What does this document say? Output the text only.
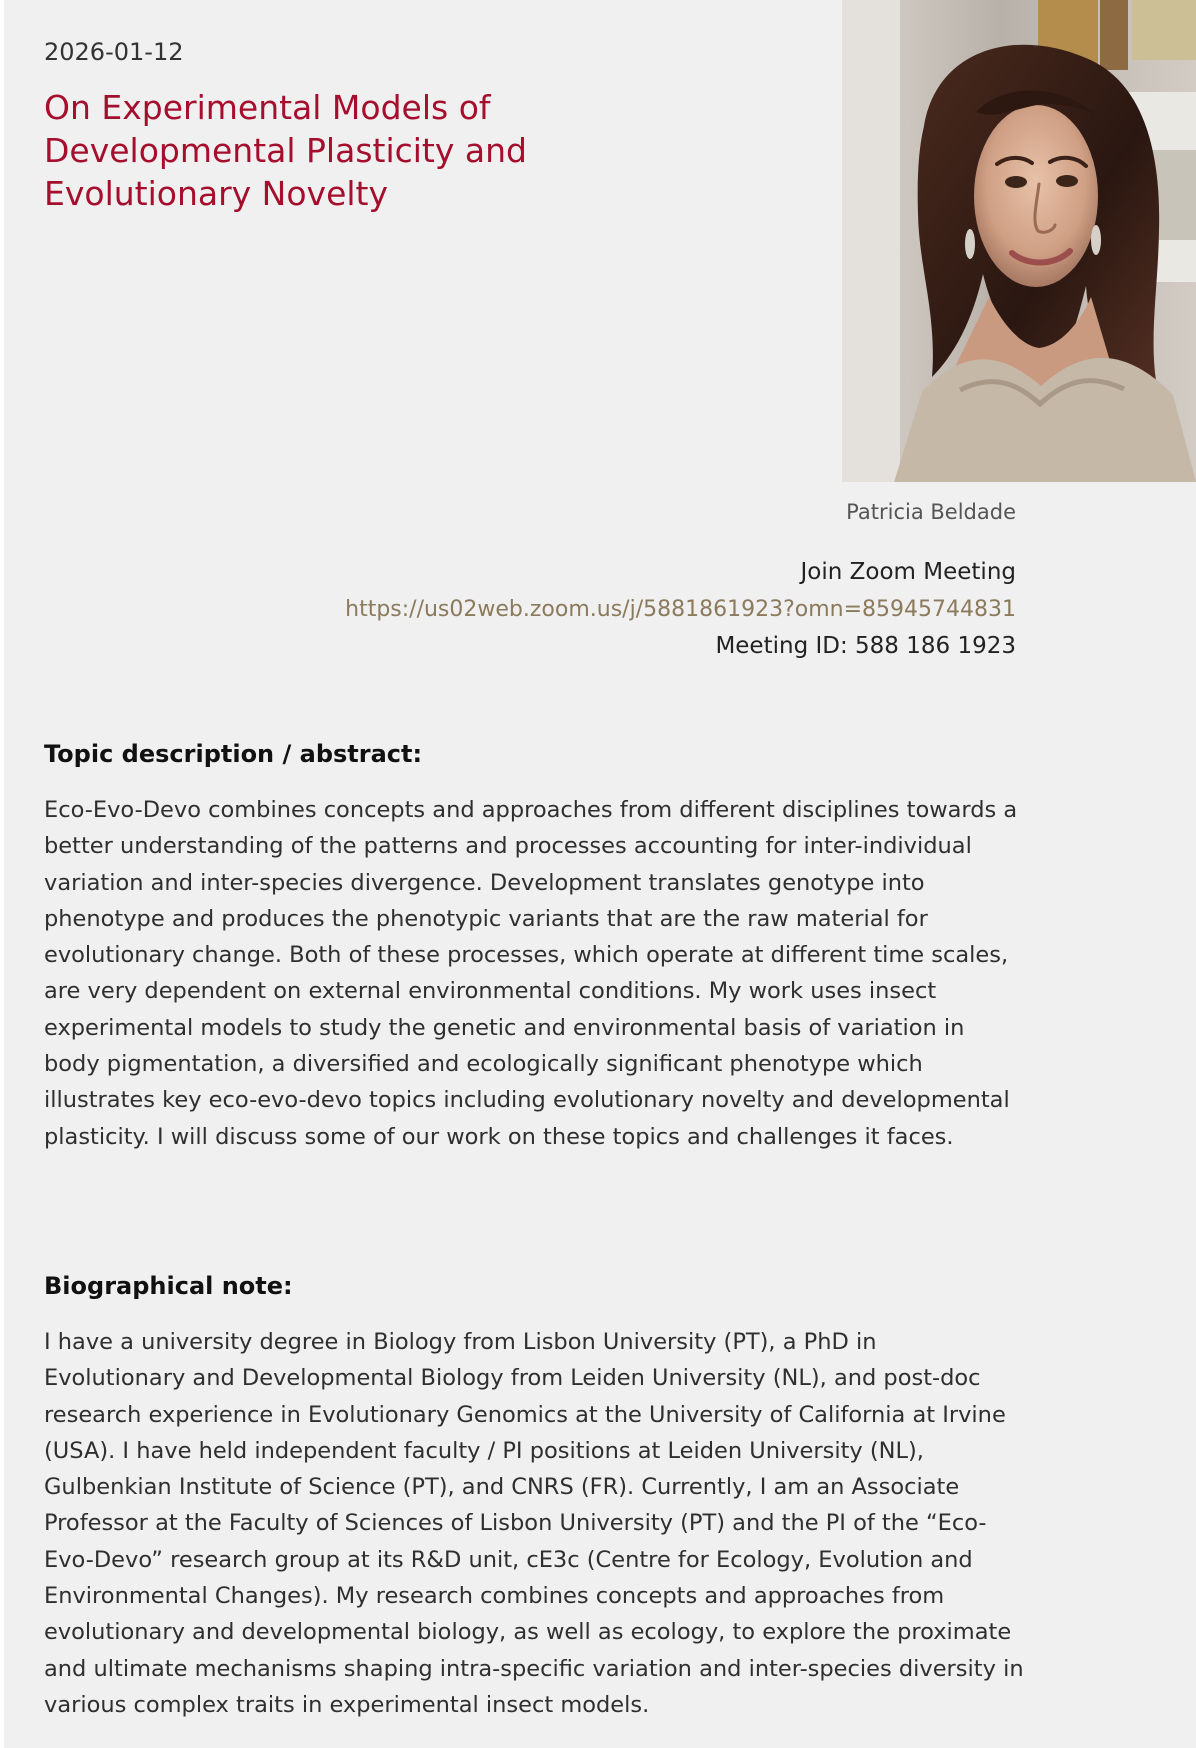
2026-01-12
On Experimental Models of Developmental Plasticity and Evolutionary Novelty
Patricia Beldade
Join Zoom Meeting
https://us02web.zoom.us/j/5881861923?omn=85945744831
Meeting ID: 588 186 1923
Topic description / abstract:

Eco-Evo-Devo combines concepts and approaches from different disciplines towards a better understanding of the patterns and processes accounting for inter-individual variation and inter-species divergence. Development translates genotype into phenotype and produces the phenotypic variants that are the raw material for evolutionary change. Both of these processes, which operate at different time scales, are very dependent on external environmental conditions. My work uses insect experimental models to study the genetic and environmental basis of variation in body pigmentation, a diversified and ecologically significant phenotype which illustrates key eco-evo-devo topics including evolutionary novelty and developmental plasticity. I will discuss some of our work on these topics and challenges it faces.

Biographical note:

I have a university degree in Biology from Lisbon University (PT), a PhD in Evolutionary and Developmental Biology from Leiden University (NL), and post-doc research experience in Evolutionary Genomics at the University of California at Irvine (USA). I have held independent faculty / PI positions at Leiden University (NL), Gulbenkian Institute of Science (PT), and CNRS (FR). Currently, I am an Associate Professor at the Faculty of Sciences of Lisbon University (PT) and the PI of the “Eco-Evo-Devo” research group at its R&D unit, cE3c (Centre for Ecology, Evolution and Environmental Changes). My research combines concepts and approaches from evolutionary and developmental biology, as well as ecology, to explore the proximate and ultimate mechanisms shaping intra-specific variation and inter-species diversity in various complex traits in experimental insect models.
